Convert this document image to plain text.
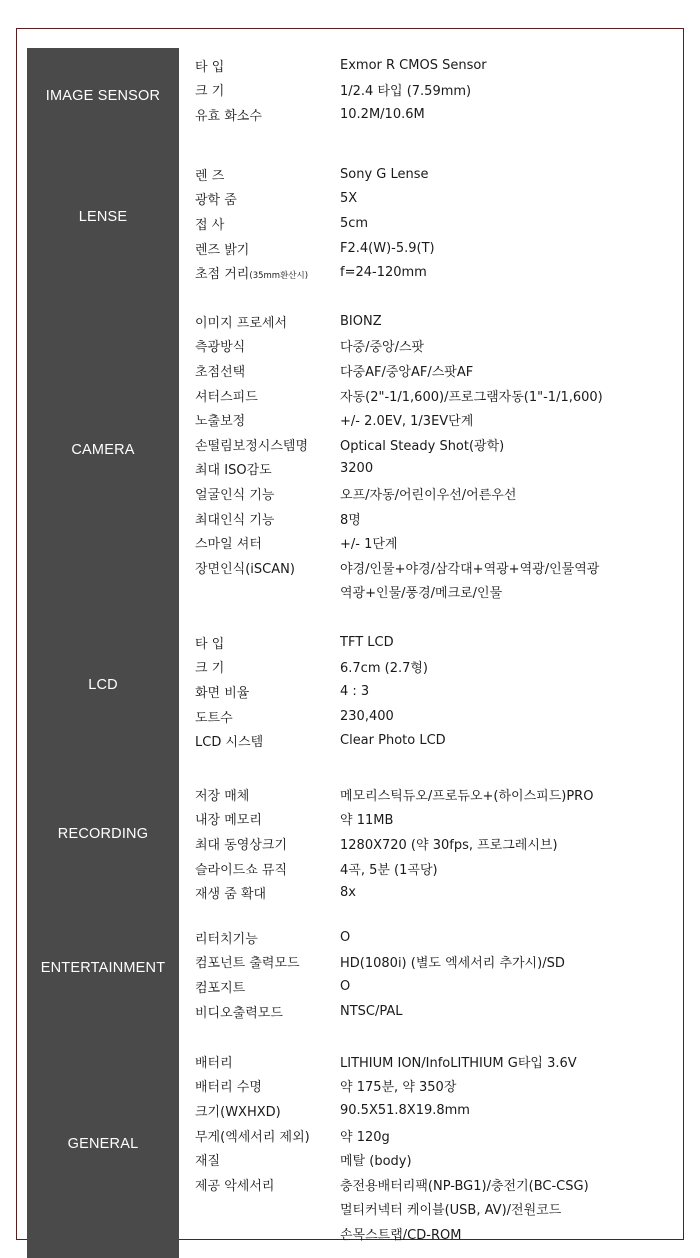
IMAGE SENSOR
타 입	Exmor R CMOS Sensor
크 기	1/2.4 타입 (7.59mm)
유효 화소수	10.2M/10.6M
LENSE
렌 즈	Sony G Lense
광학 줌	5X
접 사	5cm
렌즈 밝기	F2.4(W)-5.9(T)
초점 거리(35mm환산시)	f=24-120mm
CAMERA
이미지 프로세서	BIONZ
측광방식	다중/중앙/스팟
초점선택	다중AF/중앙AF/스팟AF
셔터스피드	자동(2"-1/1,600)/프로그램자동(1"-1/1,600)
노출보정	+/- 2.0EV, 1/3EV단계
손떨림보정시스템명	Optical Steady Shot(광학)
최대 ISO감도	3200
얼굴인식 기능	오프/자동/어린이우선/어른우선
최대인식 기능	8명
스마일 셔터	+/- 1단계
장면인식(iSCAN)	야경/인물+야경/삼각대+역광+역광/인물역광
역광+인물/풍경/메크로/인물
LCD
타 입	TFT LCD
크 기	6.7cm (2.7형)
화면 비율	4 : 3
도트수	230,400
LCD 시스템	Clear Photo LCD
RECORDING
저장 매체	메모리스틱듀오/프로듀오+(하이스피드)PRO
내장 메모리	약 11MB
최대 동영상크기	1280X720 (약 30fps, 프로그레시브)
슬라이드쇼 뮤직	4곡, 5분 (1곡당)
재생 줌 확대	8x
ENTERTAINMENT
리터치기능	O
컴포넌트 출력모드	HD(1080i) (별도 엑세서리 추가시)/SD
컴포지트	O
비디오출력모드	NTSC/PAL
GENERAL
배터리	LITHIUM ION/InfoLITHIUM G타입 3.6V
배터리 수명	약 175분, 약 350장
크기(WXHXD)	90.5X51.8X19.8mm
무게(엑세서리 제외)	약 120g
재질	메탈 (body)
제공 악세서리	충전용배터리팩(NP-BG1)/충전기(BC-CSG)
멀티커넥터 케이블(USB, AV)/전원코드
손목스트랩/CD-ROM
